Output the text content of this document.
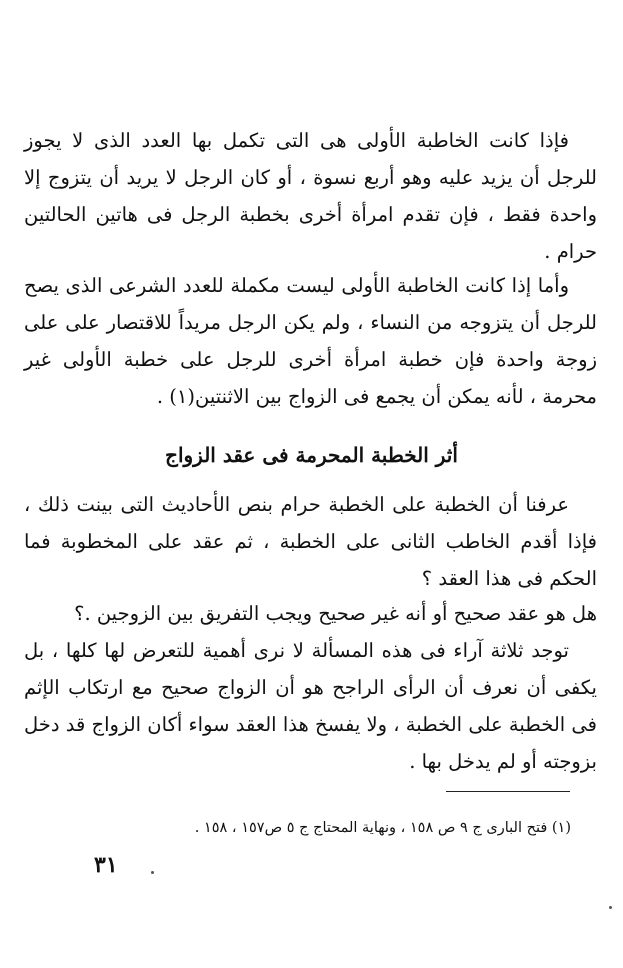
فإذا كانت الخاطبة الأولى هى التى تكمل بها العدد الذى لا يجوز للرجل أن يزيد عليه وهو أربع نسوة ، أو كان الرجل لا يريد أن يتزوج إلا واحدة فقط ، فإن تقدم امرأة أخرى بخطبة الرجل فى هاتين الحالتين حرام .

وأما إذا كانت الخاطبة الأولى ليست مكملة للعدد الشرعى الذى يصح للرجل أن يتزوجه من النساء ، ولم يكن الرجل مريداً للاقتصار على على زوجة واحدة فإن خطبة امرأة أخرى للرجل على خطبة الأولى غير محرمة ، لأنه يمكن أن يجمع فى الزواج بين الاثنتين(١) .

أثر الخطبة المحرمة فى عقد الزواج

عرفنا أن الخطبة على الخطبة حرام بنص الأحاديث التى بينت ذلك ، فإذا أقدم الخاطب الثانى على الخطبة ، ثم عقد على المخطوبة فما الحكم فى هذا العقد ؟

هل هو عقد صحيح أو أنه غير صحيح ويجب التفريق بين الزوجين .؟

توجد ثلاثة آراء فى هذه المسألة لا نرى أهمية للتعرض لها كلها ، بل يكفى أن نعرف أن الرأى الراجح هو أن الزواج صحيح مع ارتكاب الإثم فى الخطبة على الخطبة ، ولا يفسخ هذا العقد سواء أكان الزواج قد دخل بزوجته أو لم يدخل بها .

(١) فتح البارى ج ٩ ص ١٥٨ ، ونهاية المحتاج ج ٥ ص١٥٧ ، ١٥٨ .

٣١
